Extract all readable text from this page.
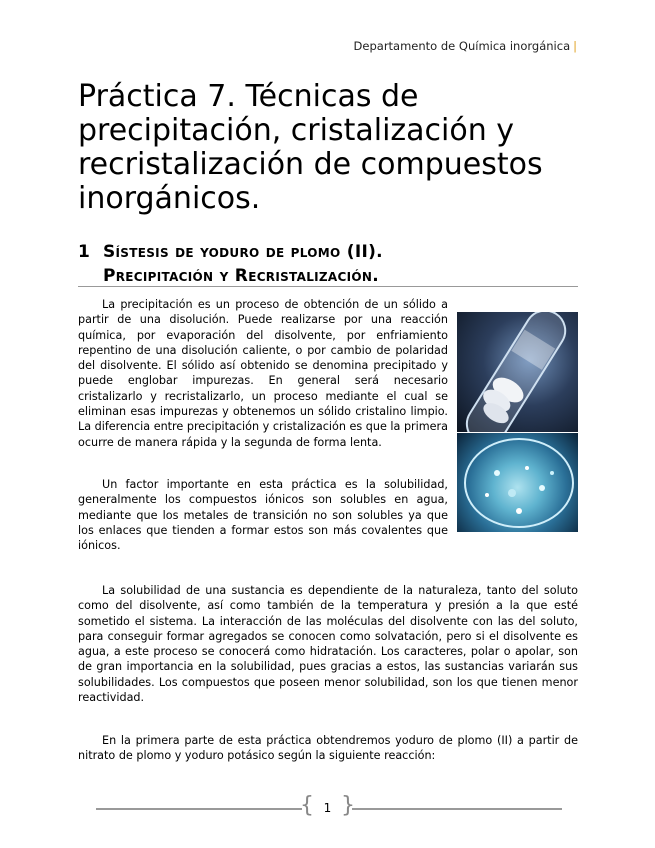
Departamento de Química inorgánica |
Práctica 7. Técnicas de precipitación, cristalización y recristalización de compuestos inorgánicos.
1 Sístesis de yoduro de plomo (II).
Precipitación y Recristalización.

La precipitación es un proceso de obtención de un sólido a partir de una disolución. Puede realizarse por una reacción química, por evaporación del disolvente, por enfriamiento repentino de una disolución caliente, o por cambio de polaridad del disolvente. El sólido así obtenido se denomina precipitado y puede englobar impurezas. En general será necesario cristalizarlo y recristalizarlo, un proceso mediante el cual se eliminan esas impurezas y obtenemos un sólido cristalino limpio. La diferencia entre precipitación y cristalización es que la primera ocurre de manera rápida y la segunda de forma lenta.

Un factor importante en esta práctica es la solubilidad, generalmente los compuestos iónicos son solubles en agua, mediante que los metales de transición no son solubles ya que los enlaces que tienden a formar estos son más covalentes que iónicos.

La solubilidad de una sustancia es dependiente de la naturaleza, tanto del soluto como del disolvente, así como también de la temperatura y presión a la que esté sometido el sistema. La interacción de las moléculas del disolvente con las del soluto, para conseguir formar agregados se conocen como solvatación, pero si el disolvente es agua, a este proceso se conocerá como hidratación. Los caracteres, polar o apolar, son de gran importancia en la solubilidad, pues gracias a estos, las sustancias variarán sus solubilidades. Los compuestos que poseen menor solubilidad, son los que tienen menor reactividad.

En la primera parte de esta práctica obtendremos yoduro de plomo (II) a partir de nitrato de plomo y yoduro potásico según la siguiente reacción:

{ 1 }
